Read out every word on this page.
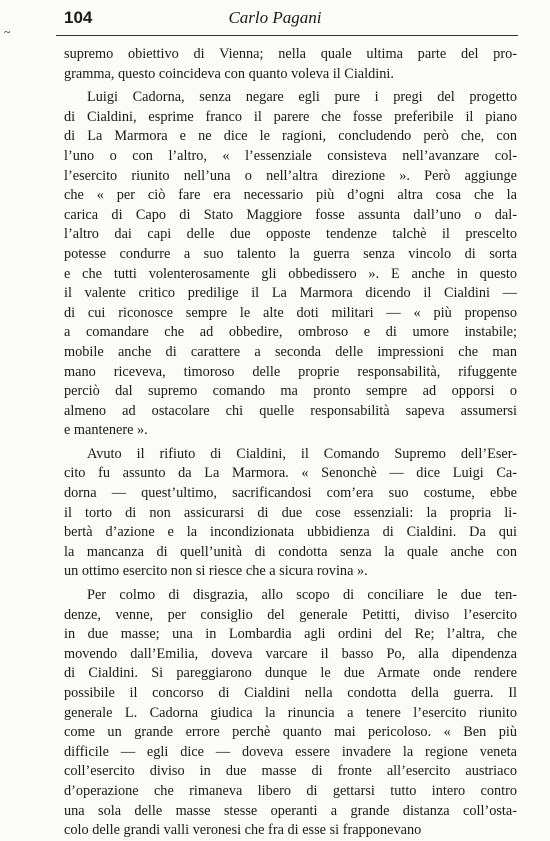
~
104	Carlo Pagani
supremo obiettivo di Vienna; nella quale ultima parte del pro-
gramma, questo coincideva con quanto voleva il Cialdini.
Luigi Cadorna, senza negare egli pure i pregi del progetto
di Cialdini, esprime franco il parere che fosse preferibile il piano
di La Marmora e ne dice le ragioni, concludendo però che, con
l’uno o con l’altro, « l’essenziale consisteva nell’avanzare col-
l’esercito riunito nell’una o nell’altra direzione ». Però aggiunge
che « per ciò fare era necessario più d’ogni altra cosa che la
carica di Capo di Stato Maggiore fosse assunta dall’uno o dal-
l’altro dai capi delle due opposte tendenze talchè il prescelto
potesse condurre a suo talento la guerra senza vincolo di sorta
e che tutti volenterosamente gli obbedissero ». E anche in questo
il valente critico predilige il La Marmora dicendo il Cialdini —
di cui riconosce sempre le alte doti militari — « più propenso
a comandare che ad obbedire, ombroso e di umore instabile;
mobile anche di carattere a seconda delle impressioni che man
mano riceveva, timoroso delle proprie responsabilità, rifuggente
perciò dal supremo comando ma pronto sempre ad opporsi o
almeno ad ostacolare chi quelle responsabilità sapeva assumersi
e mantenere ».
Avuto il rifiuto di Cialdini, il Comando Supremo dell’Eser-
cito fu assunto da La Marmora. « Senonchè — dice Luigi Ca-
dorna — quest’ultimo, sacrificandosi com’era suo costume, ebbe
il torto di non assicurarsi di due cose essenziali: la propria li-
bertà d’azione e la incondizionata ubbidienza di Cialdini. Da qui
la mancanza di quell’unità di condotta senza la quale anche con
un ottimo esercito non si riesce che a sicura rovina ».
Per colmo di disgrazia, allo scopo di conciliare le due ten-
denze, venne, per consiglio del generale Petitti, diviso l’esercito
in due masse; una in Lombardia agli ordini del Re; l’altra, che
movendo dall’Emilia, doveva varcare il basso Po, alla dipendenza
di Cialdini. Si pareggiarono dunque le due Armate onde rendere
possibile il concorso di Cialdini nella condotta della guerra. Il
generale L. Cadorna giudica la rinuncia a tenere l’esercito riunito
come un grande errore perchè quanto mai pericoloso. « Ben più
difficile — egli dice — doveva essere invadere la regione veneta
coll’esercito diviso in due masse di fronte all’esercito austriaco
d’operazione che rimaneva libero di gettarsi tutto intero contro
una sola delle masse stesse operanti a grande distanza coll’osta-
colo delle grandi valli veronesi che fra di esse si frapponevano
